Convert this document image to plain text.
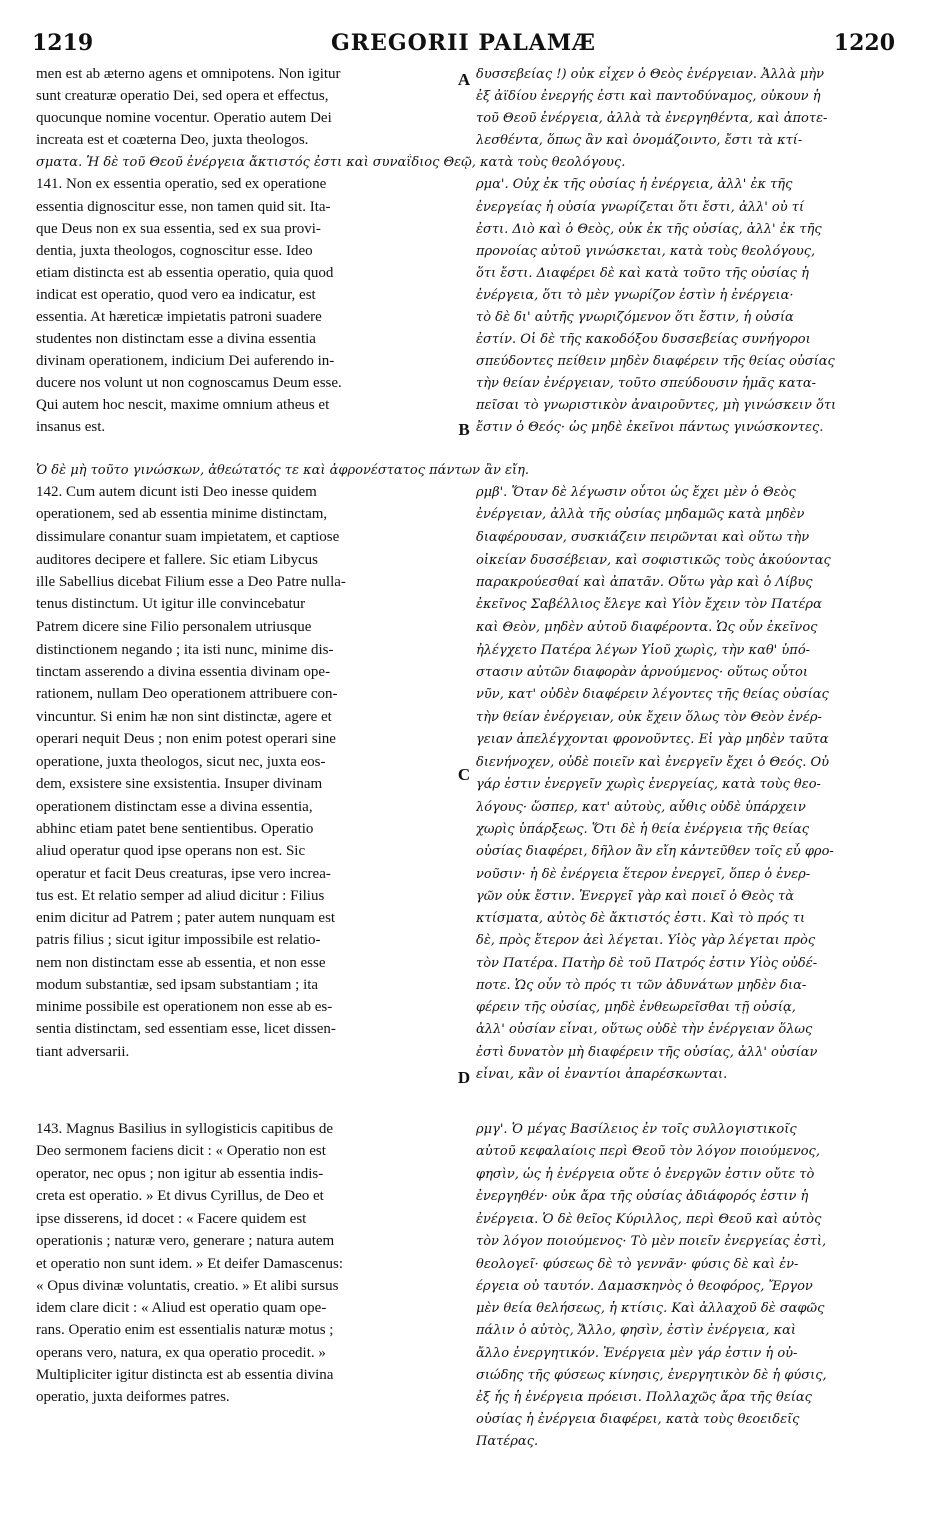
1219	GREGORII PALAMÆ	1220
men est ab æterno agens et omnipotens. Non igitur
sunt creaturæ operatio Dei, sed opera et effectus,
quocunque nomine vocentur. Operatio autem Dei
increata est et coæterna Deo, juxta theologos.
141. Non ex essentia operatio, sed ex operatione
essentia dignoscitur esse, non tamen quid sit. Ita-
que Deus non ex sua essentia, sed ex sua provi-
dentia, juxta theologos, cognoscitur esse. Ideo
etiam distincta est ab essentia operatio, quia quod
indicat est operatio, quod vero ea indicatur, est
essentia. At hæreticæ impietatis patroni suadere
studentes non distinctam esse a divina essentia
divinam operationem, indicium Dei auferendo in-
ducere nos volunt ut non cognoscamus Deum esse.
Qui autem hoc nescit, maxime omnium atheus et
insanus est.
142. Cum autem dicunt isti Deo inesse quidem
operationem, sed ab essentia minime distinctam,
dissimulare conantur suam impietatem, et captiose
auditores decipere et fallere. Sic etiam Libycus
ille Sabellius dicebat Filium esse a Deo Patre nulla-
tenus distinctum. Ut igitur ille convincebatur
Patrem dicere sine Filio personalem utriusque
distinctionem negando ; ita isti nunc, minime dis-
tinctam asserendo a divina essentia divinam ope-
rationem, nullam Deo operationem attribuere con-
vincuntur. Si enim hæ non sint distinctæ, agere et
operari nequit Deus ; non enim potest operari sine
operatione, juxta theologos, sicut nec, juxta eos-
dem, exsistere sine exsistentia. Insuper divinam
operationem distinctam esse a divina essentia,
abhinc etiam patet bene sentientibus. Operatio
aliud operatur quod ipse operans non est. Sic
operatur et facit Deus creaturas, ipse vero increa-
tus est. Et relatio semper ad aliud dicitur : Filius
enim dicitur ad Patrem ; pater autem nunquam est
patris filius ; sicut igitur impossibile est relatio-
nem non distinctam esse ab essentia, et non esse
modum substantiæ, sed ipsam substantiam ; ita
minime possibile est operationem non esse ab es-
sentia distinctam, sed essentiam esse, licet dissen-
tiant adversarii.
143. Magnus Basilius in syllogisticis capitibus de
Deo sermonem faciens dicit : « Operatio non est
operator, nec opus ; non igitur ab essentia indis-
creta est operatio. » Et divus Cyrillus, de Deo et
ipse disserens, id docet : « Facere quidem est
operationis ; naturæ vero, generare ; natura autem
et operatio non sunt idem. » Et deifer Damascenus:
« Opus divinæ voluntatis, creatio. » Et alibi sursus
idem clare dicit : « Aliud est operatio quam ope-
rans. Operatio enim est essentialis naturæ motus ;
operans vero, natura, ex qua operatio procedit. »
Multipliciter igitur distincta est ab essentia divina
operatio, juxta deiformes patres.
δυσσεβείας !) οὐκ εἶχεν ὁ Θεὸς ἐνέργειαν. Ἀλλὰ μὴν
ἐξ ἀϊδίου ἐνεργής ἐστι καὶ παντοδύναμος, οὐκουν ἡ
τοῦ Θεοῦ ἐνέργεια, ἀλλὰ τὰ ἐνεργηθέντα, καὶ ἀποτε-
λεσθέντα, ὅπως ἂν καὶ ὀνομάζοιντο, ἔστι τὰ κτί-
ρμα'. Οὐχ ἐκ τῆς οὐσίας ἡ ἐνέργεια, ἀλλ' ἐκ τῆς
ἐνεργείας ἡ οὐσία γνωρίζεται ὅτι ἔστι, ἀλλ' οὐ τί
ἐστι. Διὸ καὶ ὁ Θεὸς, οὐκ ἐκ τῆς οὐσίας, ἀλλ' ἐκ τῆς
προνοίας αὐτοῦ γινώσκεται, κατὰ τοὺς θεολόγους,
ὅτι ἔστι. Διαφέρει δὲ καὶ κατὰ τοῦτο τῆς οὐσίας ἡ
ἐνέργεια, ὅτι τὸ μὲν γνωρίζον ἐστὶν ἡ ἐνέργεια·
τὸ δὲ δι' αὐτῆς γνωριζόμενον ὅτι ἔστιν, ἡ οὐσία
ἐστίν. Οἱ δὲ τῆς κακοδόξου δυσσεβείας συνήγοροι
σπεύδοντες πείθειν μηδὲν διαφέρειν τῆς θείας οὐσίας
τὴν θείαν ἐνέργειαν, τοῦτο σπεύδουσιν ἡμᾶς κατα-
πεῖσαι τὸ γνωριστικὸν ἀναιροῦντες, μὴ γινώσκειν ὅτι
ἔστιν ὁ Θεός· ὡς μηδὲ ἐκεῖνοι πάντως γινώσκοντες.
ρμβ'. Ὅταν δὲ λέγωσιν οὗτοι ὡς ἔχει μὲν ὁ Θεὸς
ἐνέργειαν, ἀλλὰ τῆς οὐσίας μηδαμῶς κατὰ μηδὲν
διαφέρουσαν, συσκιάζειν πειρῶνται καὶ οὕτω τὴν
οἰκείαν δυσσέβειαν, καὶ σοφιστικῶς τοὺς ἀκούοντας
παρακρούεσθαί καὶ ἀπατᾶν. Οὕτω γὰρ καὶ ὁ Λίβυς
ἐκεῖνος Σαβέλλιος ἔλεγε καὶ Υἱὸν ἔχειν τὸν Πατέρα
καὶ Θεὸν, μηδὲν αὐτοῦ διαφέροντα. Ὡς οὖν ἐκεῖνος
ἠλέγχετο Πατέρα λέγων Υἱοῦ χωρὶς, τὴν καθ' ὑπό-
στασιν αὐτῶν διαφορὰν ἀρνούμενος· οὕτως οὗτοι
νῦν, κατ' οὐδὲν διαφέρειν λέγοντες τῆς θείας οὐσίας
τὴν θείαν ἐνέργειαν, οὐκ ἔχειν ὅλως τὸν Θεὸν ἐνέρ-
γειαν ἀπελέγχονται φρονοῦντες. Εἰ γὰρ μηδὲν ταῦτα
διενήνοχεν, οὐδὲ ποιεῖν καὶ ἐνεργεῖν ἔχει ὁ Θεός. Οὐ
γάρ ἐστιν ἐνεργεῖν χωρὶς ἐνεργείας, κατὰ τοὺς θεο-
λόγους· ὥσπερ, κατ' αὐτοὺς, αὖθις οὐδὲ ὑπάρχειν
χωρὶς ὑπάρξεως. Ὅτι δὲ ἡ θεία ἐνέργεια τῆς θείας
οὐσίας διαφέρει, δῆλον ἂν εἴη κἀντεῦθεν τοῖς εὖ φρο-
νοῦσιν· ἡ δὲ ἐνέργεια ἕτερον ἐνεργεῖ, ὅπερ ὁ ἐνερ-
γῶν οὐκ ἔστιν. Ἐνεργεῖ γὰρ καὶ ποιεῖ ὁ Θεὸς τὰ
κτίσματα, αὐτὸς δὲ ἄκτιστός ἐστι. Καὶ τὸ πρός τι
δὲ, πρὸς ἕτερον ἀεὶ λέγεται. Υἱὸς γὰρ λέγεται πρὸς
τὸν Πατέρα. Πατὴρ δὲ τοῦ Πατρός ἐστιν Υἱὸς οὐδέ-
ποτε. Ὡς οὖν τὸ πρός τι τῶν ἀδυνάτων μηδὲν δια-
φέρειν τῆς οὐσίας, μηδὲ ἐνθεωρεῖσθαι τῇ οὐσίᾳ,
ἀλλ' οὐσίαν εἶναι, οὕτως οὐδὲ τὴν ἐνέργειαν ὅλως
ἐστὶ δυνατὸν μὴ διαφέρειν τῆς οὐσίας, ἀλλ' οὐσίαν
εἶναι, κἂν οἱ ἐναντίοι ἀπαρέσκωνται.
ρμγ'. Ὁ μέγας Βασίλειος ἐν τοῖς συλλογιστικοῖς
αὐτοῦ κεφαλαίοις περὶ Θεοῦ τὸν λόγον ποιούμενος,
φησὶν, ὡς ἡ ἐνέργεια οὔτε ὁ ἐνεργῶν ἐστιν οὔτε τὸ
ἐνεργηθέν· οὐκ ἄρα τῆς οὐσίας ἀδιάφορός ἐστιν ἡ
ἐνέργεια. Ὁ δὲ θεῖος Κύριλλος, περὶ Θεοῦ καὶ αὐτὸς
τὸν λόγον ποιούμενος· Τὸ μὲν ποιεῖν ἐνεργείας ἐστὶ,
θεολογεῖ· φύσεως δὲ τὸ γεννᾶν· φύσις δὲ καὶ ἐν-
έργεια οὐ ταυτόν. Δαμασκηνὸς ὁ θεοφόρος, Ἔργον
μὲν θεία θελήσεως, ἡ κτίσις. Καὶ ἀλλαχοῦ δὲ σαφῶς
πάλιν ὁ αὐτὸς, Ἄλλο, φησὶν, ἐστὶν ἐνέργεια, καὶ
ἄλλο ἐνεργητικόν. Ἐνέργεια μὲν γάρ ἐστιν ἡ οὐ-
σιώδης τῆς φύσεως κίνησις, ἐνεργητικὸν δὲ ἡ φύσις,
ἐξ ἧς ἡ ἐνέργεια πρόεισι. Πολλαχῶς ἄρα τῆς θείας
οὐσίας ἡ ἐνέργεια διαφέρει, κατὰ τοὺς θεοειδεῖς
Πατέρας.
σματα. Ἡ δὲ τοῦ Θεοῦ ἐνέργεια ἄκτιστός ἐστι καὶ συναΐδιος Θεῷ, κατὰ τοὺς θεολόγους.
Ὁ δὲ μὴ τοῦτο γινώσκων, ἀθεώτατός τε καὶ ἀφρονέστατος πάντων ἂν εἴη.
A
B
C
D
